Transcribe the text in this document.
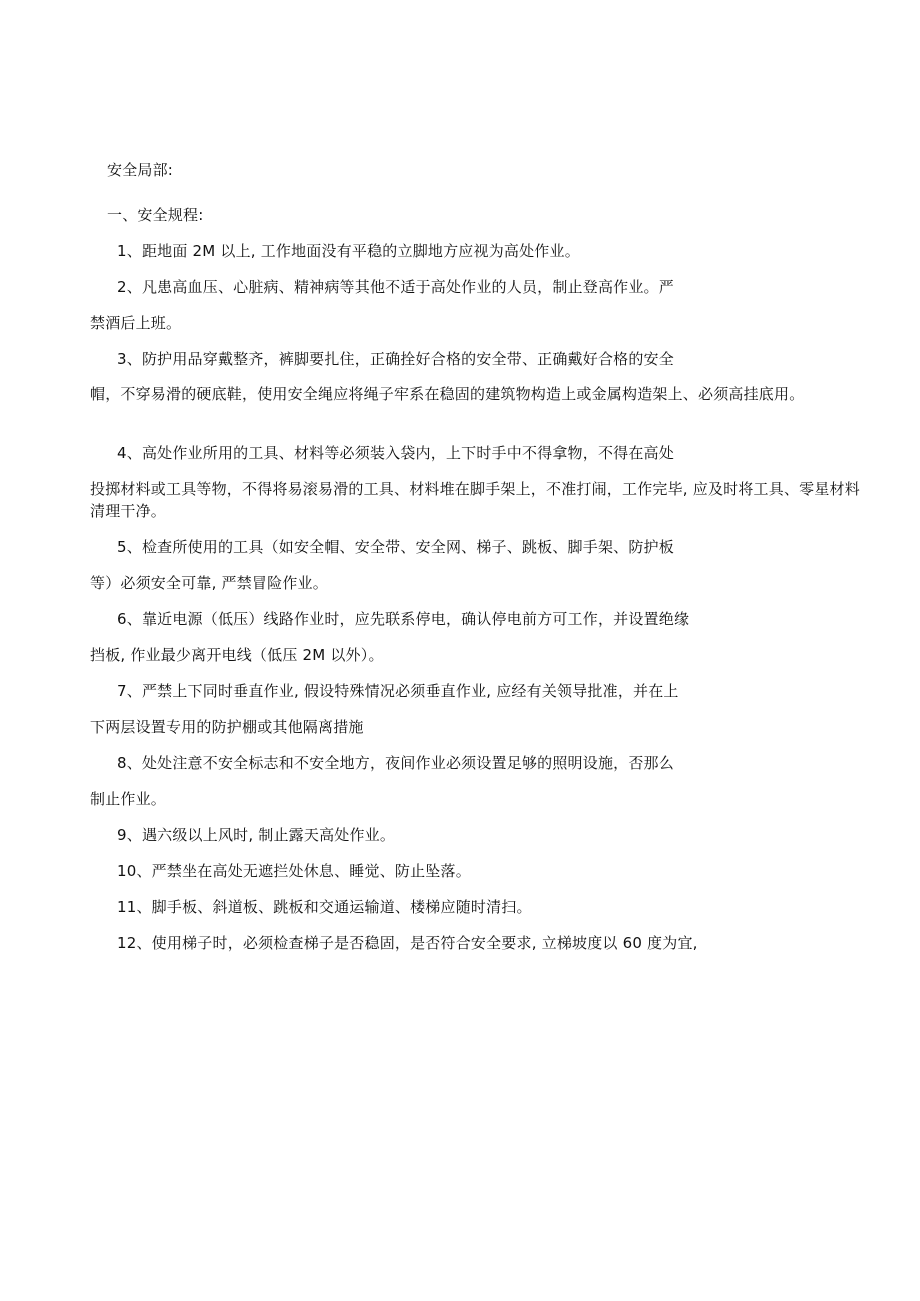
安全局部:
一、安全规程:
1、距地面 2M 以上, 工作地面没有平稳的立脚地方应视为高处作业。
2、凡患高血压、心脏病、精神病等其他不适于高处作业的人员，制止登高作业。严
禁酒后上班。
3、防护用品穿戴整齐，裤脚要扎住，正确拴好合格的安全带、正确戴好合格的安全
帽，不穿易滑的硬底鞋，使用安全绳应将绳子牢系在稳固的建筑物构造上或金属构造架上、必须高挂底用。
4、高处作业所用的工具、材料等必须装入袋内，上下时手中不得拿物，不得在高处
投掷材料或工具等物，不得将易滚易滑的工具、材料堆在脚手架上，不准打闹，工作完毕, 应及时将工具、零星材料清理干净。
5、检查所使用的工具（如安全帽、安全带、安全网、梯子、跳板、脚手架、防护板
等）必须安全可靠, 严禁冒险作业。
6、靠近电源（低压）线路作业时，应先联系停电，确认停电前方可工作，并设置绝缘
挡板, 作业最少离开电线（低压 2M 以外）。
7、严禁上下同时垂直作业, 假设特殊情况必须垂直作业, 应经有关领导批准，并在上
下两层设置专用的防护棚或其他隔离措施
8、处处注意不安全标志和不安全地方，夜间作业必须设置足够的照明设施，否那么
制止作业。
9、遇六级以上风时, 制止露天高处作业。
10、严禁坐在高处无遮拦处休息、睡觉、防止坠落。
11、脚手板、斜道板、跳板和交通运输道、楼梯应随时清扫。
12、使用梯子时，必须检查梯子是否稳固，是否符合安全要求, 立梯坡度以 60 度为宜,
